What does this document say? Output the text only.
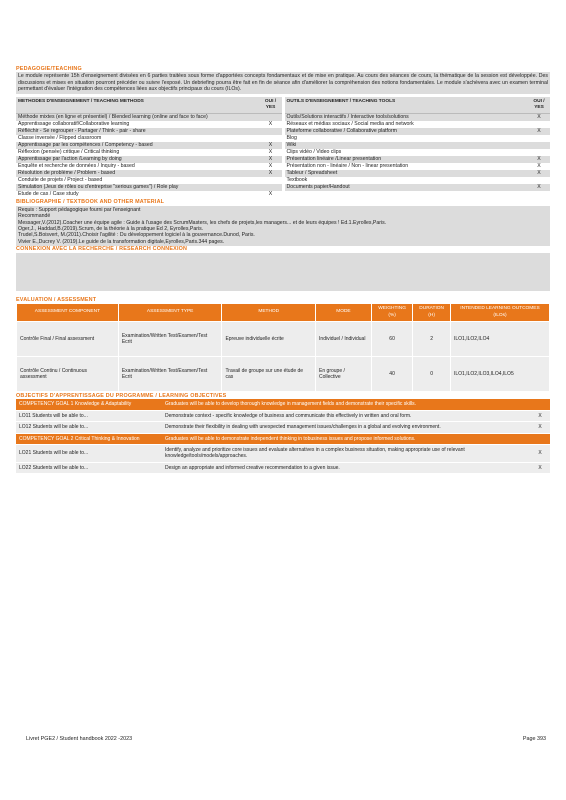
PEDAGOGIE/TEACHING
Le module représente 15h d'enseignement divisées en 6 parties traitées sous forme d'apportées concepts fondamentaux et de mise en pratique. Au cours des séances de cours, la thématique de la session est développée. Des discussions et mises en situation pourront précéder ou suivre l'exposé. Un debriefing pourra être fait en fin de séance afin d'améliorer la compréhension des notions fondamentales. Le module s'achèvera avec un examen terminal permettant d'évaluer l'intégration des compétences liées aux objectifs principaux du cours (ILOs).
METHODES D'ENSEIGNEMENT / TEACHING METHODS	OUI / YES
Méthode mixtes (en ligne et présentiel) / Blended learning (online and face to face)
Apprentissage collaboratif/Collaborative learning	X
Réfléchir - Se regrouper - Partager / Think - pair - share
Classe inversée / Flipped classroom
Apprentissage par les compétences / Competency - based	X
Réflexion (pensée) critique / Critical thinking	X
Apprentissage par l'action /Learning by doing	X
Enquête et recherche de données / Inquiry - based	X
Résolution de problème / Problem - based	X
Conduite de projets / Project - based
Simulation (Jeux de rôles ou d'entreprise "serious games") / Role play
Etude de cas / Case study	X
OUTILS D'ENSEIGNEMENT / TEACHING TOOLS	OUI / YES
Outils/Solutions interactifs / Interactive tools/solutions	X
Réseaux et médias sociaux / Social media and network
Plateforme collaborative / Collaborative platform	X
Blog
Wiki
Clips vidéo / Video clips
Présentation linéaire /Linear presentation	X
Présentation non - linéaire / Non - linear presentation	X
Tableur / Spreadsheet	X
Textbook
Documents papier/Handout	X
BIBLIOGRAPHIE / TEXTBOOK AND OTHER MATERIAL
Requis : Support pédagogique fourni par l'enseignant
Recommandé
Messager,V.(2012).Coacher une équipe agile : Guide à l'usage des ScrumMasters, les chefs de projets,les managers... et de leurs équipes ! Ed.1.Eyrolles,Paris.
Oger,J., Haddad,B.(2019).Scrum, de la théorie à la pratique Ed 2, Eyrolles,Paris.
Trudel,S.Boisvert, M.(2011).Choisir l'agilité : Du développement logiciel à la gouvernance.Dunod, Paris.
Vivier E.,Ducrey V. (2019).Le guide de la transformation digitale,Eyrolles,Paris.344 pages.
CONNEXION AVEC LA RECHERCHE / RESEARCH CONNEXION
EVALUATION / ASSESSMENT
ASSESSMENT COMPONENT	ASSESSMENT TYPE	METHOD	MODE	WEIGHTING (%)	DURATION (H)	INTENDED LEARNING OUTCOMES (ILOs)
Contrôle Final / Final assessment	Examination/Written Test/Examen/Test Ecrit	Epreuve individuelle écrite	Individuel / Individual	60	2	ILO1,ILO2,ILO4
Contrôle Continu / Continuous assessment	Examination/Written Test/Examen/Test Ecrit	Travail de groupe sur une étude de cas	En groupe / Collective	40	0	ILO1,ILO2,ILO3,ILO4,ILO5
OBJECTIFS D'APPRENTISSAGE DU PROGRAMME / LEARNING OBJECTIVES
COMPETENCY GOAL 1 Knowledge & Adaptability	Graduates will be able to develop thorough knowledge in management fields and demonstrate their specific skills.	
LO11 Students will be able to...	Demonstrate context - specific knowledge of business and communicate this effectively in written and oral form.	X
LO12 Students will be able to...	Demonstrate their flexibility in dealing with unexpected management issues/challenges in a global and evolving environment.	X
COMPETENCY GOAL 2 Critical Thinking & Innovation	Graduates will be able to demonstrate independent thinking in tobusiness issues and propose informed solutions.	
LO21 Students will be able to...	Identify, analyze and prioritize core issues and evaluate alternatives in a complex business situation, making appropriate use of relevant knowledge/tools/models/approaches.	X
LO22 Students will be able to...	Design an appropriate and informed creative recommendation to a given issue.	X
Livret PGE2 / Student handbook 2022 -2023	Page 393
